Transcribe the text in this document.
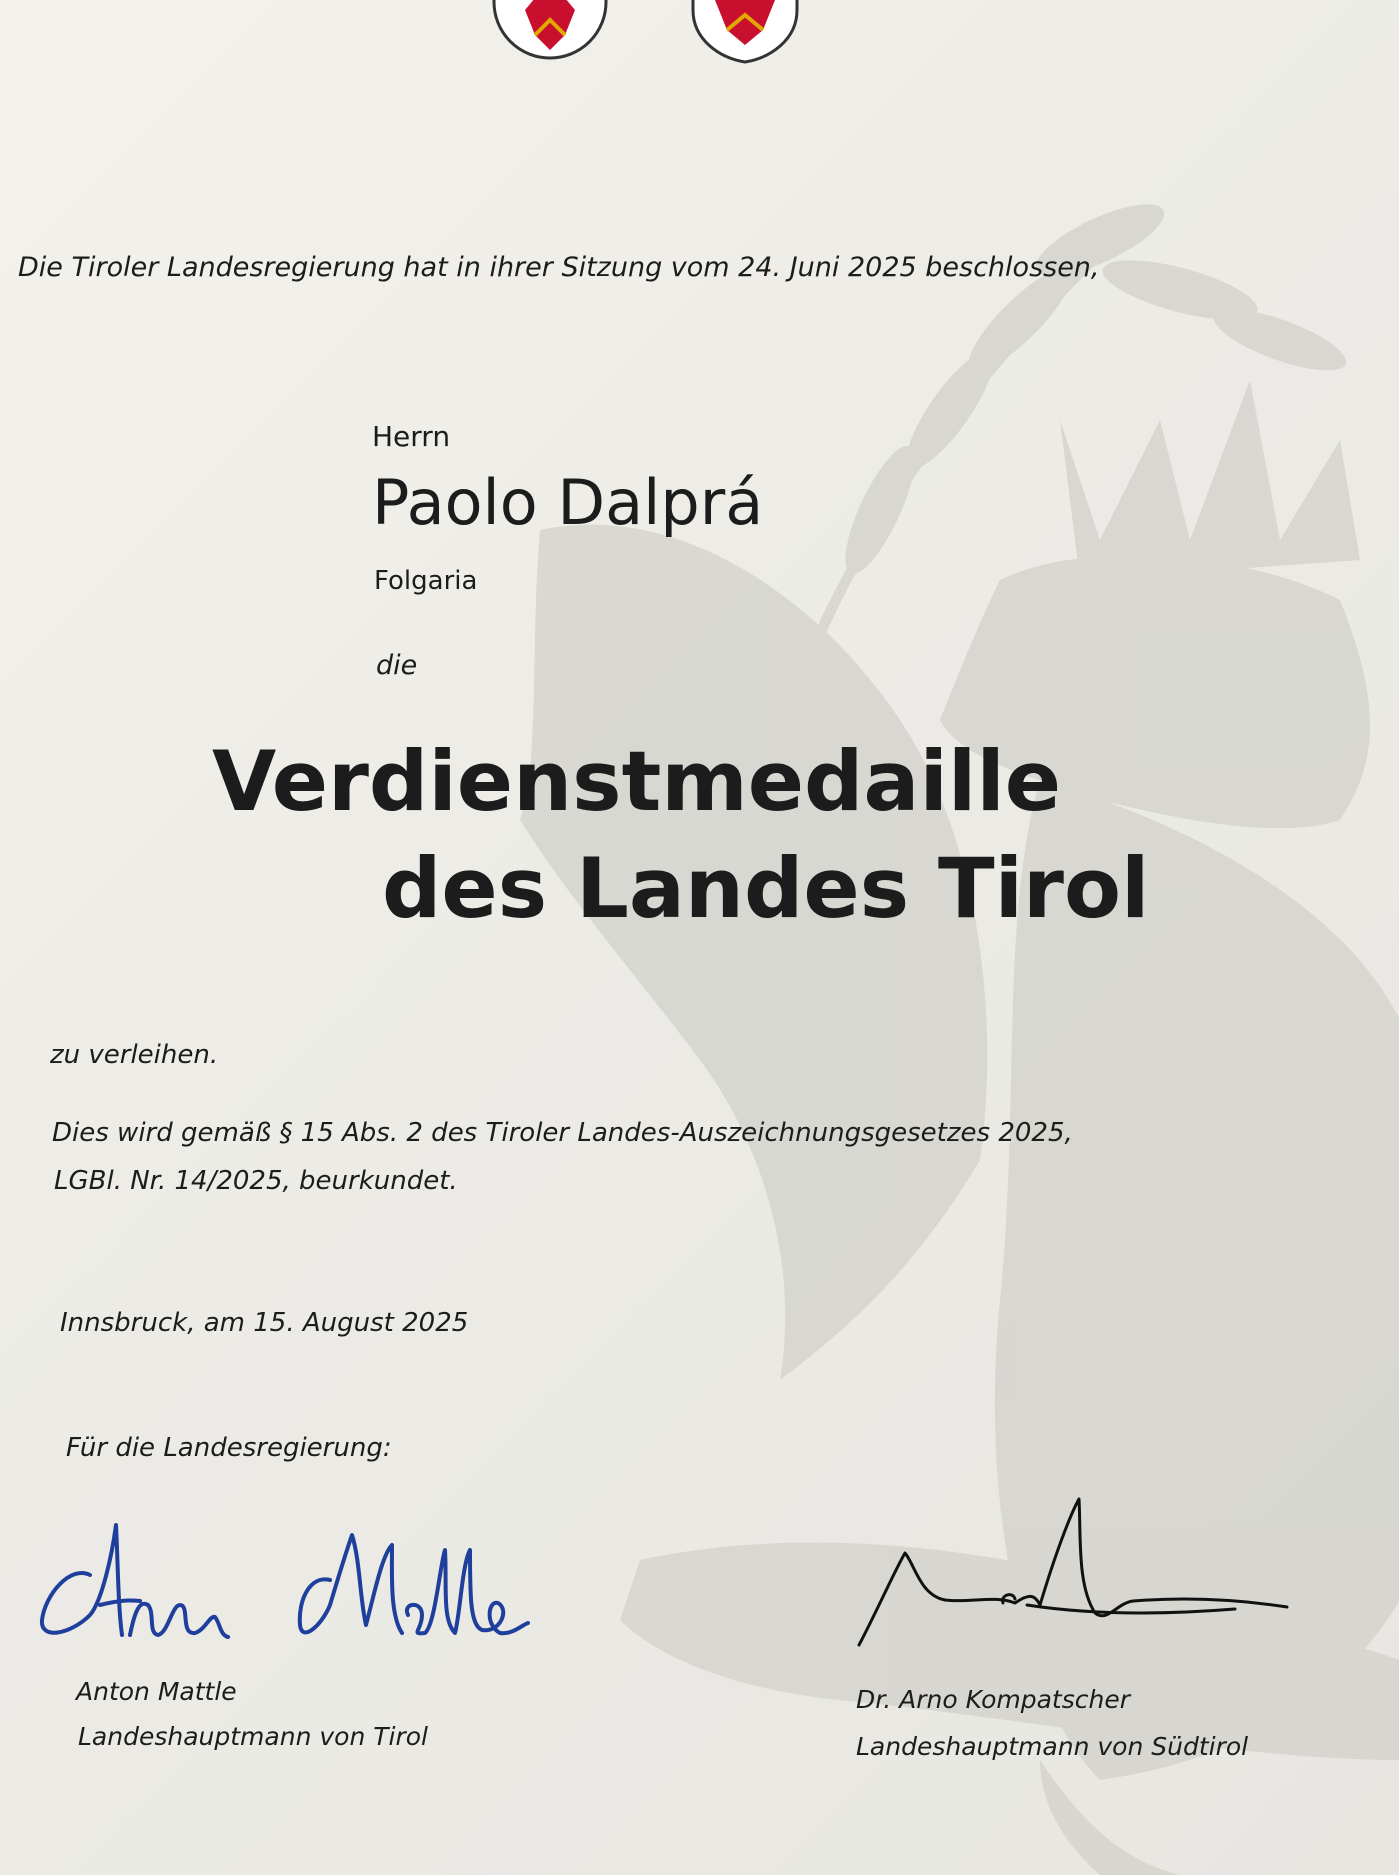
Die Tiroler Landesregierung hat in ihrer Sitzung vom 24. Juni 2025 beschlossen,
Herrn
Paolo Dalprá
Folgaria
die
Verdienstmedaille
des Landes Tirol
zu verleihen.
Dies wird gemäß § 15 Abs. 2 des Tiroler Landes-Auszeichnungsgesetzes 2025,
LGBl. Nr. 14/2025, beurkundet.
Innsbruck, am 15. August 2025
Für die Landesregierung:
Anton Mattle
Landeshauptmann von Tirol
Dr. Arno Kompatscher
Landeshauptmann von Südtirol
